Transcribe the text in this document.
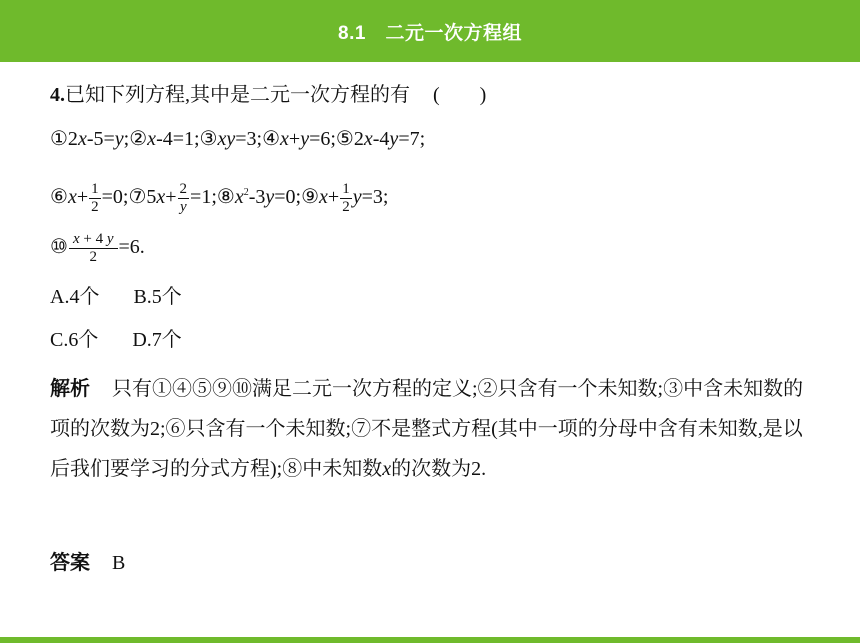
8.1　二元一次方程组
4.已知下列方程,其中是二元一次方程的有 ( )
①2x-5=y;②x-4=1;③xy=3;④x+y=6;⑤2x-4y=7;
⑥x+ $\frac{1}{2}$ =0;⑦5x+ $\frac{2}{y}$ $=1;⑧x^2-3y=0;⑨x+ \frac{1}{2} y=3$;
⑩ $\frac{x + 4 y}{2} =6$.
A.4个 B.5个
C.6个 D.7个
解析 只有①④⑤⑨⑩满足二元一次方程的定义;②只含有一个未知数;③中含未知数的项的次数为2;⑥只含有一个未知数;⑦不是整式方程(其中一项的分母中含有未知数,是以后我们要学习的分式方程);⑧中未知数x的次数为2.
答案 B
